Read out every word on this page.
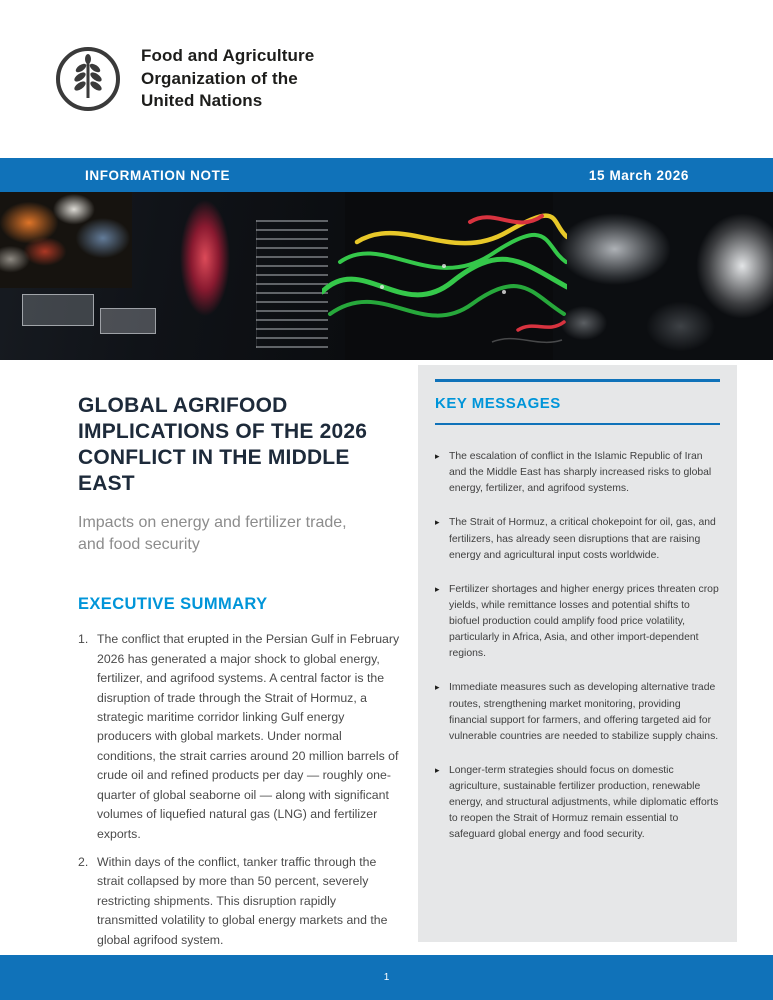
Food and Agriculture
Organization of the
United Nations
INFORMATION NOTE	15 March 2026
GLOBAL AGRIFOOD IMPLICATIONS OF THE 2026 CONFLICT IN THE MIDDLE EAST

Impacts on energy and fertilizer trade, and food security

EXECUTIVE SUMMARY
1. The conflict that erupted in the Persian Gulf in February 2026 has generated a major shock to global energy, fertilizer, and agrifood systems. A central factor is the disruption of trade through the Strait of Hormuz, a strategic maritime corridor linking Gulf energy producers with global markets. Under normal conditions, the strait carries around 20 million barrels of crude oil and refined products per day — roughly one-quarter of global seaborne oil — along with significant volumes of liquefied natural gas (LNG) and fertilizer exports.
2. Within days of the conflict, tanker traffic through the strait collapsed by more than 50 percent, severely restricting shipments. This disruption rapidly transmitted volatility to global energy markets and the global agrifood system.
KEY MESSAGES
▸ The escalation of conflict in the Islamic Republic of Iran and the Middle East has sharply increased risks to global energy, fertilizer, and agrifood systems.
▸ The Strait of Hormuz, a critical chokepoint for oil, gas, and fertilizers, has already seen disruptions that are raising energy and agricultural input costs worldwide.
▸ Fertilizer shortages and higher energy prices threaten crop yields, while remittance losses and potential shifts to biofuel production could amplify food price volatility, particularly in Africa, Asia, and other import-dependent regions.
▸ Immediate measures such as developing alternative trade routes, strengthening market monitoring, providing financial support for farmers, and offering targeted aid for vulnerable countries are needed to stabilize supply chains.
▸ Longer-term strategies should focus on domestic agriculture, sustainable fertilizer production, renewable energy, and structural adjustments, while diplomatic efforts to reopen the Strait of Hormuz remain essential to safeguard global energy and food security.
1
